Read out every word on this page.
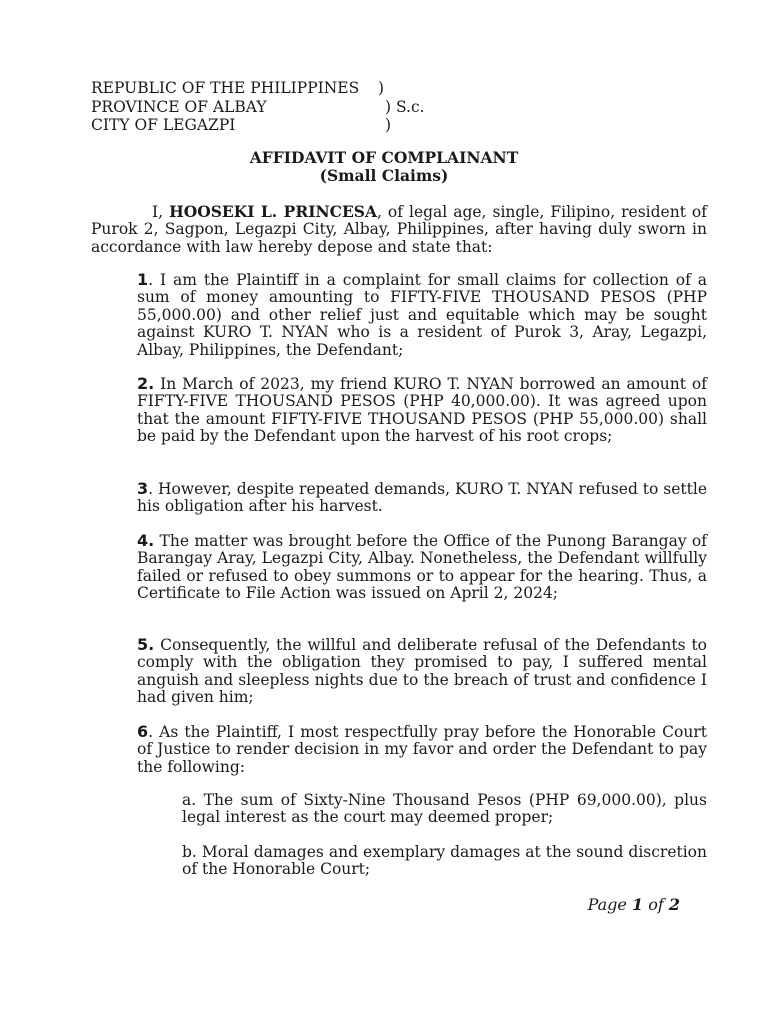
REPUBLIC OF THE PHILIPPINES )
PROVINCE OF ALBAY	) S.c.
CITY OF LEGAZPI	)
AFFIDAVIT OF COMPLAINANT
(Small Claims)
I, HOOSEKI L. PRINCESA, of legal age, single, Filipino, resident of Purok 2, Sagpon, Legazpi City, Albay, Philippines, after having duly sworn in accordance with law hereby depose and state that:
1. I am the Plaintiff in a complaint for small claims for collection of a sum of money amounting to FIFTY-FIVE THOUSAND PESOS (PHP 55,000.00) and other relief just and equitable which may be sought against KURO T. NYAN who is a resident of Purok 3, Aray, Legazpi, Albay, Philippines, the Defendant;
2. In March of 2023, my friend KURO T. NYAN borrowed an amount of FIFTY-FIVE THOUSAND PESOS (PHP 40,000.00). It was agreed upon that the amount FIFTY-FIVE THOUSAND PESOS (PHP 55,000.00) shall be paid by the Defendant upon the harvest of his root crops;
3. However, despite repeated demands, KURO T. NYAN refused to settle his obligation after his harvest.
4. The matter was brought before the Office of the Punong Barangay of Barangay Aray, Legazpi City, Albay. Nonetheless, the Defendant willfully failed or refused to obey summons or to appear for the hearing. Thus, a Certificate to File Action was issued on April 2, 2024;
5. Consequently, the willful and deliberate refusal of the Defendants to comply with the obligation they promised to pay, I suffered mental anguish and sleepless nights due to the breach of trust and confidence I had given him;
6. As the Plaintiff, I most respectfully pray before the Honorable Court of Justice to render decision in my favor and order the Defendant to pay the following:
a. The sum of Sixty-Nine Thousand Pesos (PHP 69,000.00), plus legal interest as the court may deemed proper;
b. Moral damages and exemplary damages at the sound discretion of the Honorable Court;
Page 1 of 2
